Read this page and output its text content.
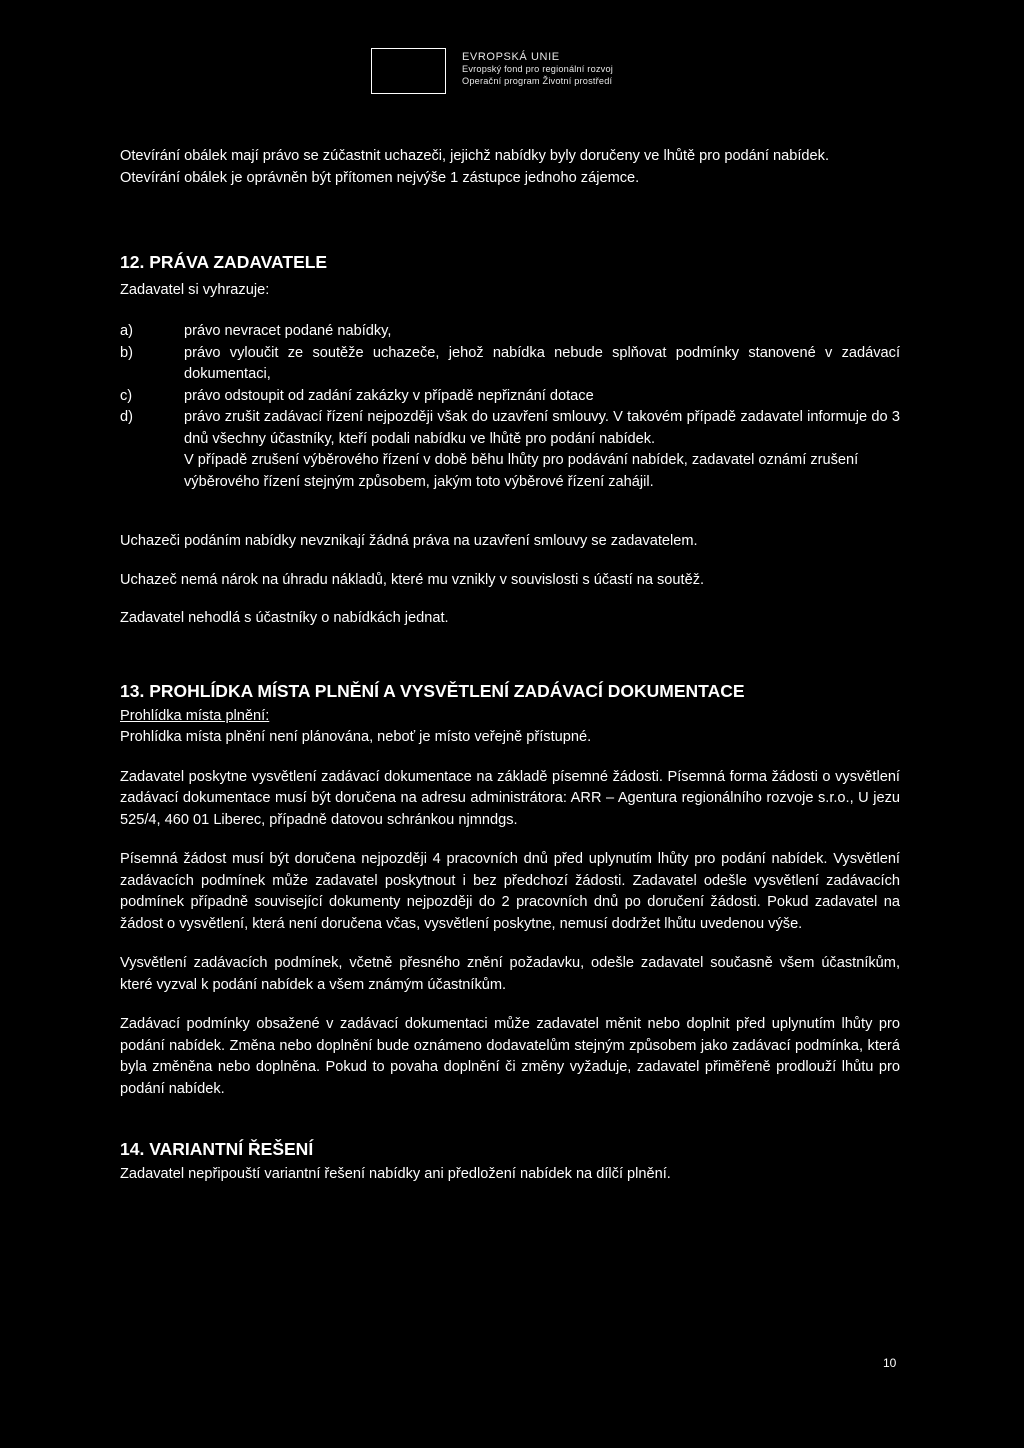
EVROPSKÁ UNIE
Evropský fond pro regionální rozvoj
Operační program Životní prostředí

Otevírání obálek mají právo se zúčastnit uchazeči, jejichž nabídky byly doručeny ve lhůtě pro podání nabídek.

Otevírání obálek je oprávněn být přítomen nejvýše 1 zástupce jednoho zájemce.

12. PRÁVA ZADAVATELE

Zadavatel si vyhrazuje:

a)	právo nevracet podané nabídky,
b)	právo vyloučit ze soutěže uchazeče, jehož nabídka nebude splňovat podmínky stanovené v zadávací dokumentaci,
c)	právo odstoupit od zadání zakázky v případě nepřiznání dotace
d)	právo zrušit zadávací řízení nejpozději však do uzavření smlouvy. V takovém případě zadavatel informuje do 3 dnů všechny účastníky, kteří podali nabídku ve lhůtě pro podání nabídek.
V případě zrušení výběrového řízení v době běhu lhůty pro podávání nabídek, zadavatel oznámí zrušení výběrového řízení stejným způsobem, jakým toto výběrové řízení zahájil.

Uchazeči podáním nabídky nevznikají žádná práva na uzavření smlouvy se zadavatelem.

Uchazeč nemá nárok na úhradu nákladů, které mu vznikly v souvislosti s účastí na soutěž.

Zadavatel nehodlá s účastníky o nabídkách jednat.

13. PROHLÍDKA MÍSTA PLNĚNÍ A VYSVĚTLENÍ ZADÁVACÍ DOKUMENTACE

Prohlídka místa plnění:

Prohlídka místa plnění není plánována, neboť je místo veřejně přístupné.

Zadavatel poskytne vysvětlení zadávací dokumentace na základě písemné žádosti. Písemná forma žádosti o vysvětlení zadávací dokumentace musí být doručena na adresu administrátora: ARR – Agentura regionálního rozvoje s.r.o., U jezu 525/4, 460 01 Liberec, případně datovou schránkou njmndgs.

Písemná žádost musí být doručena nejpozději 4 pracovních dnů před uplynutím lhůty pro podání nabídek. Vysvětlení zadávacích podmínek může zadavatel poskytnout i bez předchozí žádosti. Zadavatel odešle vysvětlení zadávacích podmínek případně související dokumenty nejpozději do 2 pracovních dnů po doručení žádosti. Pokud zadavatel na žádost o vysvětlení, která není doručena včas, vysvětlení poskytne, nemusí dodržet lhůtu uvedenou výše.

Vysvětlení zadávacích podmínek, včetně přesného znění požadavku, odešle zadavatel současně všem účastníkům, které vyzval k podání nabídek a všem známým účastníkům.

Zadávací podmínky obsažené v zadávací dokumentaci může zadavatel měnit nebo doplnit před uplynutím lhůty pro podání nabídek. Změna nebo doplnění bude oznámeno dodavatelům stejným způsobem jako zadávací podmínka, která byla změněna nebo doplněna. Pokud to povaha doplnění či změny vyžaduje, zadavatel přiměřeně prodlouží lhůtu pro podání nabídek.

14. VARIANTNÍ ŘEŠENÍ

Zadavatel nepřipouští variantní řešení nabídky ani předložení nabídek na dílčí plnění.

10
